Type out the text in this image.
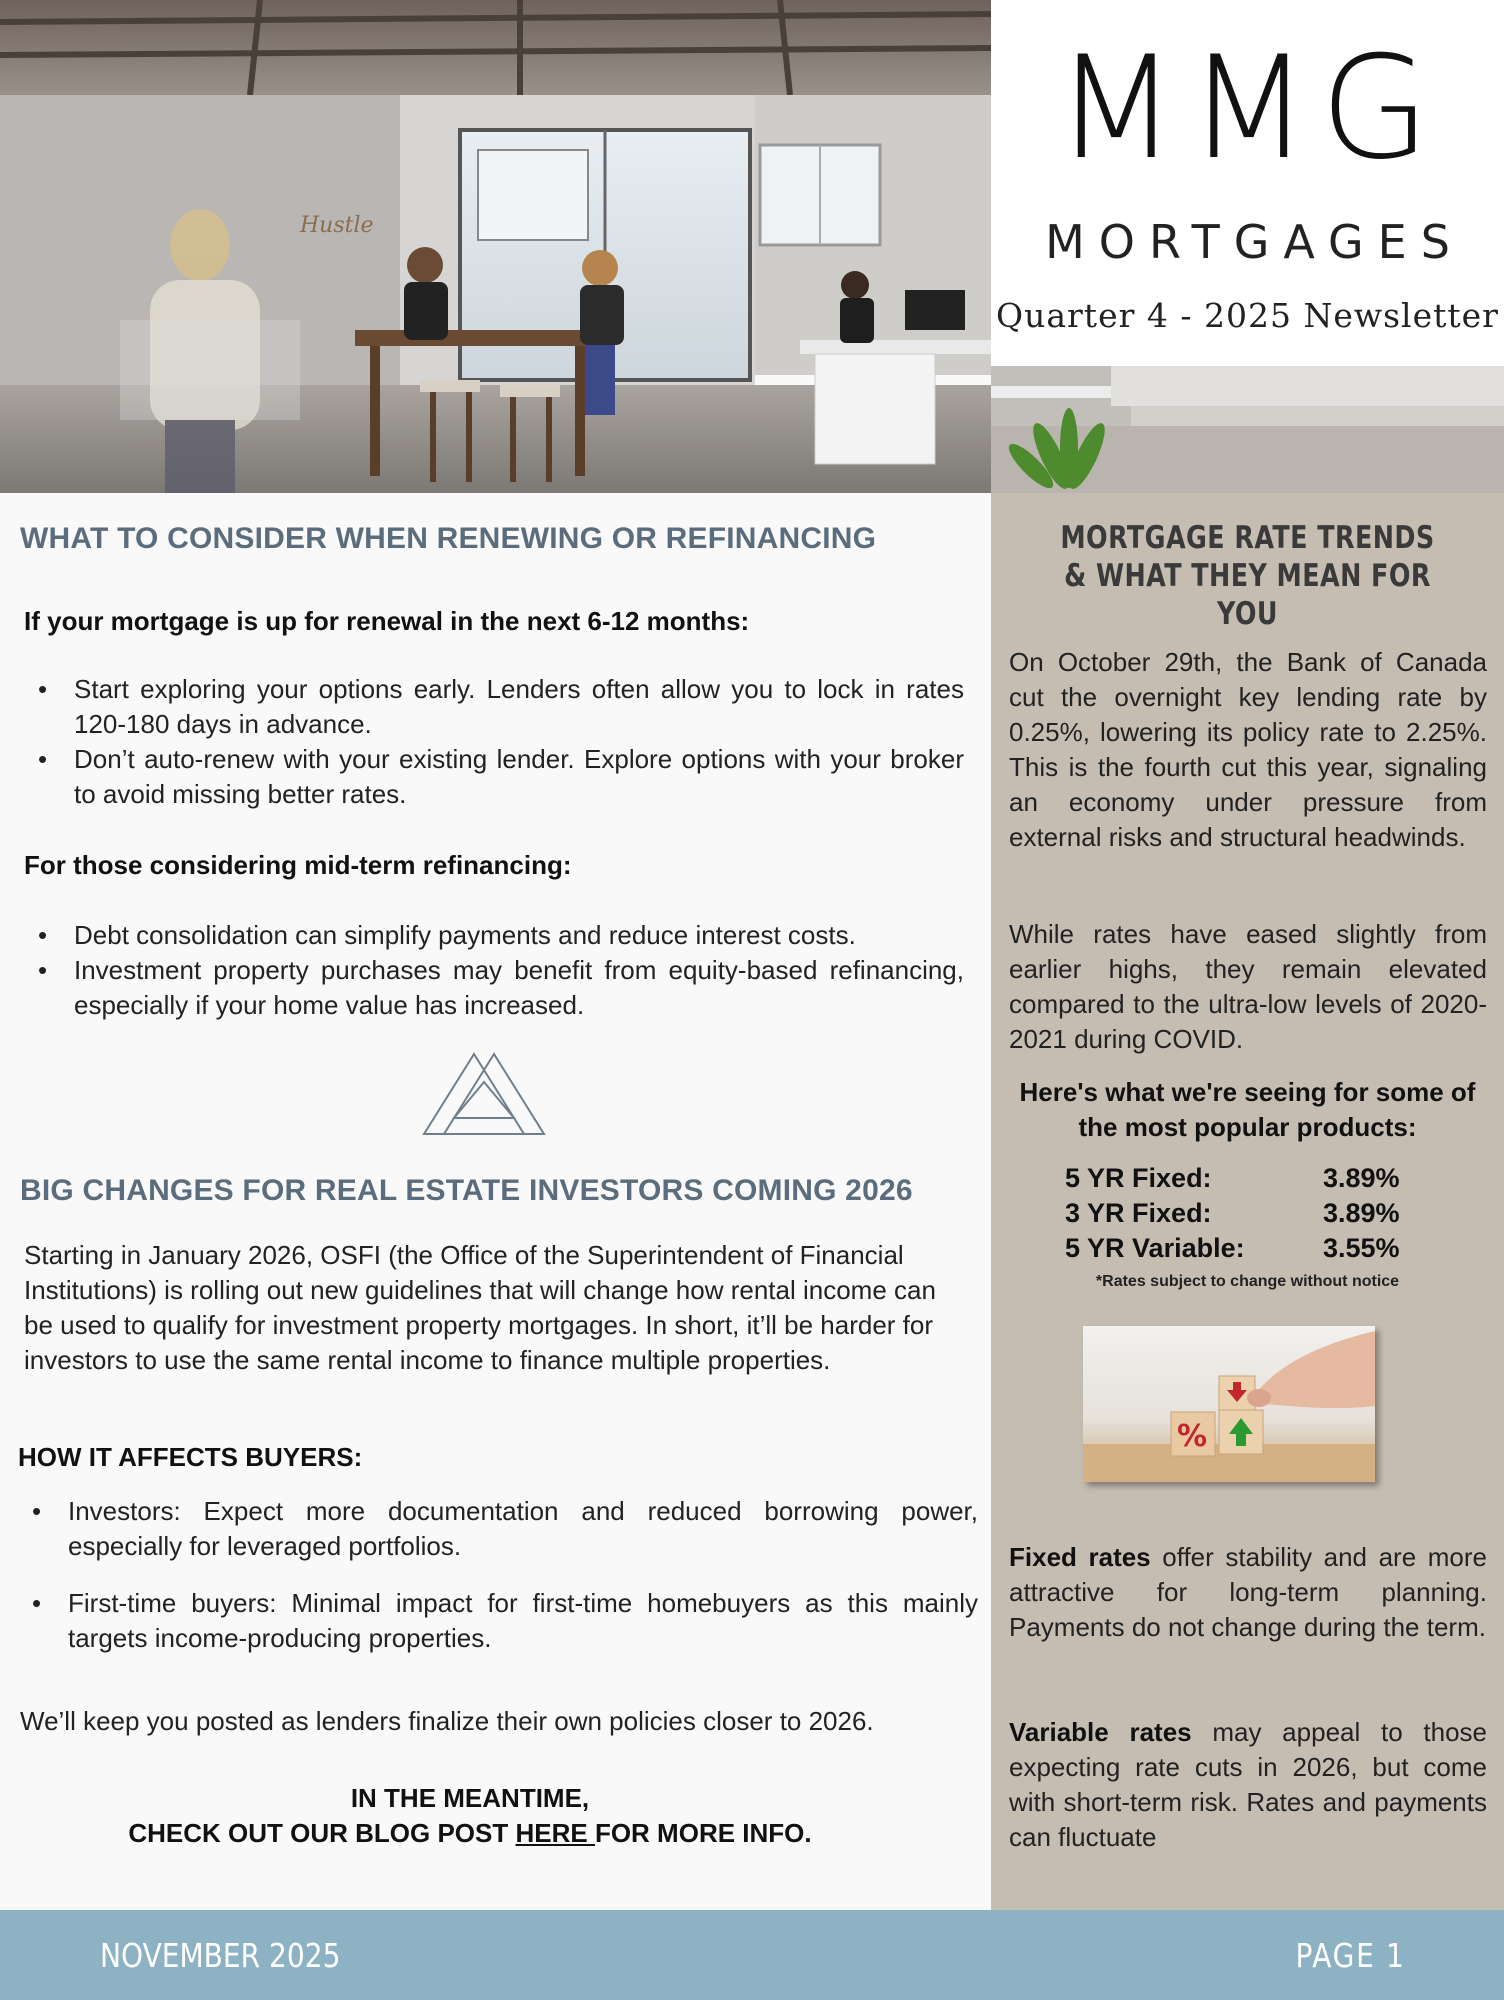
Hustle
MMG
MORTGAGES
Quarter 4 - 2025 Newsletter
WHAT TO CONSIDER WHEN RENEWING OR REFINANCING
If your mortgage is up for renewal in the next 6-12 months:
• Start exploring your options early. Lenders often allow you to lock in rates 120-180 days in advance.
• Don’t auto-renew with your existing lender. Explore options with your broker to avoid missing better rates.
For those considering mid-term refinancing:
• Debt consolidation can simplify payments and reduce interest costs.
• Investment property purchases may benefit from equity-based refinancing, especially if your home value has increased.
BIG CHANGES FOR REAL ESTATE INVESTORS COMING 2026
Starting in January 2026, OSFI (the Office of the Superintendent of Financial Institutions) is rolling out new guidelines that will change how rental income can be used to qualify for investment property mortgages. In short, it’ll be harder for investors to use the same rental income to finance multiple properties.
HOW IT AFFECTS BUYERS:
• Investors: Expect more documentation and reduced borrowing power, especially for leveraged portfolios.
• First-time buyers: Minimal impact for first-time homebuyers as this mainly targets income-producing properties.
We’ll keep you posted as lenders finalize their own policies closer to 2026.
IN THE MEANTIME,
CHECK OUT OUR BLOG POST HERE FOR MORE INFO.
MORTGAGE RATE TRENDS
& WHAT THEY MEAN FOR YOU
On October 29th, the Bank of Canada cut the overnight key lending rate by 0.25%, lowering its policy rate to 2.25%. This is the fourth cut this year, signaling an economy under pressure from external risks and structural headwinds.
While rates have eased slightly from earlier highs, they remain elevated compared to the ultra-low levels of 2020-2021 during COVID.
Here's what we're seeing for some of the most popular products:
5 YR Fixed:	3.89%
3 YR Fixed:	3.89%
5 YR Variable:	3.55%
*Rates subject to change without notice
%
Fixed rates offer stability and are more attractive for long-term planning. Payments do not change during the term.
Variable rates may appeal to those expecting rate cuts in 2026, but come with short-term risk. Rates and payments can fluctuate
NOVEMBER 2025	PAGE 1
